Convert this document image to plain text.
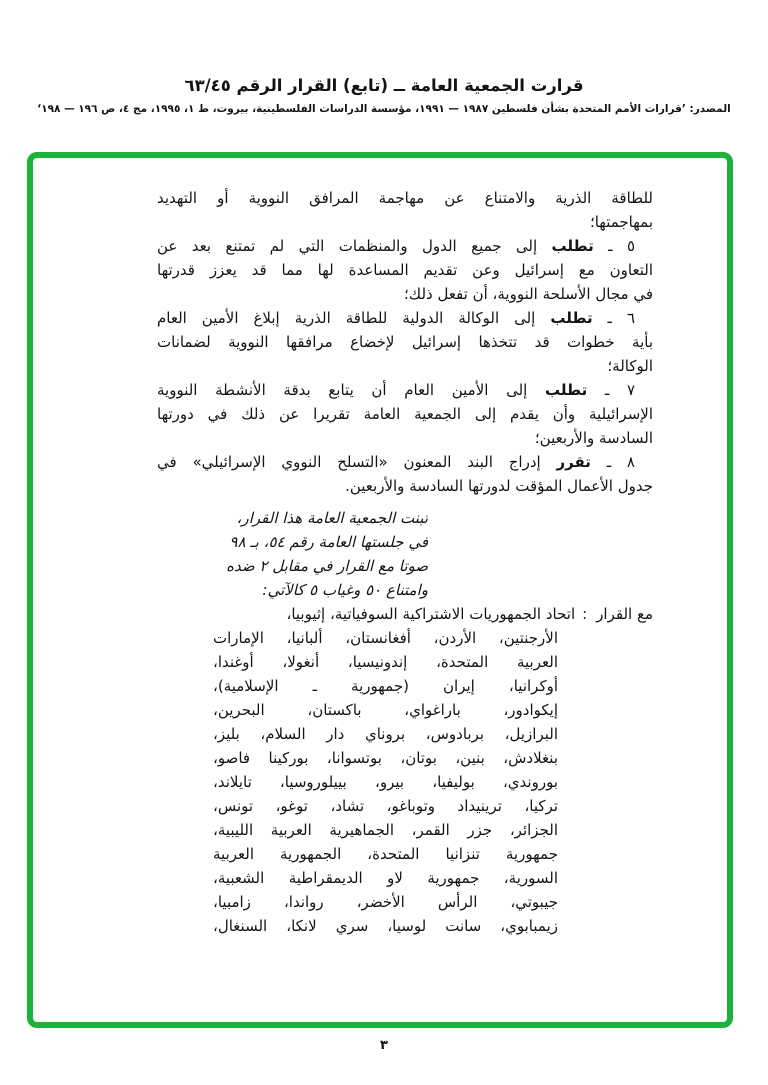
قرارت الجمعية العامة ــ (تابع) القرار الرقم ٦٣/٤٥
المصدر: ’قرارات الأمم المتحدة بشأن فلسطين ١٩٨٧ — ١٩٩١، مؤسسة الدراسات الفلسطينية، بيروت، ط ١، ١٩٩٥، مج ٤، ص ١٩٦ — ١٩٨‘
للطاقة الذرية والامتناع عن مهاجمة المرافق النووية أو التهديد
بمهاجمتها؛
٥ ـ تطلب إلى جميع الدول والمنظمات التي لم تمتنع بعد عن
التعاون مع إسرائيل وعن تقديم المساعدة لها مما قد يعزز قدرتها
في مجال الأسلحة النووية، أن تفعل ذلك؛
٦ ـ تطلب إلى الوكالة الدولية للطاقة الذرية إبلاغ الأمين العام
بأية خطوات قد تتخذها إسرائيل لإخضاع مرافقها النووية لضمانات
الوكالة؛
٧ ـ تطلب إلى الأمين العام أن يتابع بدقة الأنشطة النووية
الإسرائيلية وأن يقدم إلى الجمعية العامة تقريرا عن ذلك في دورتها
السادسة والأربعين؛
٨ ـ تقرر إدراج البند المعنون «التسلح النووي الإسرائيلي» في
جدول الأعمال المؤقت لدورتها السادسة والأربعين.
تبنت الجمعية العامة هذا القرار،
في جلستها العامة رقم ٥٤، بـ ٩٨
صوتا مع القرار في مقابل ٢ ضده
وامتناع ٥٠ وغياب ٥ كالآتي:
مع القرار:اتحاد الجمهوريات الاشتراكية السوفياتية، إثيوبيا،
الأرجنتين، الأردن، أفغانستان، ألبانيا، الإمارات
العربية المتحدة، إندونيسيا، أنغولا، أوغندا،
أوكرانيا، إيران (جمهورية ـ الإسلامية)،
إيكوادور، باراغواي، باكستان، البحرين،
البرازيل، بربادوس، بروناي دار السلام، بليز،
بنغلادش، بنين، بوتان، بوتسوانا، بوركينا فاصو،
بوروندي، بوليفيا، بيرو، بييلوروسيا، تايلاند،
تركيا، ترينيداد وتوباغو، تشاد، توغو، تونس،
الجزائر، جزر القمر، الجماهيرية العربية الليبية،
جمهورية تنزانيا المتحدة، الجمهورية العربية
السورية، جمهورية لاو الديمقراطية الشعبية،
جيبوتي، الرأس الأخضر، رواندا، زامبيا،
زيمبابوي، سانت لوسيا، سري لانكا، السنغال،
٣
